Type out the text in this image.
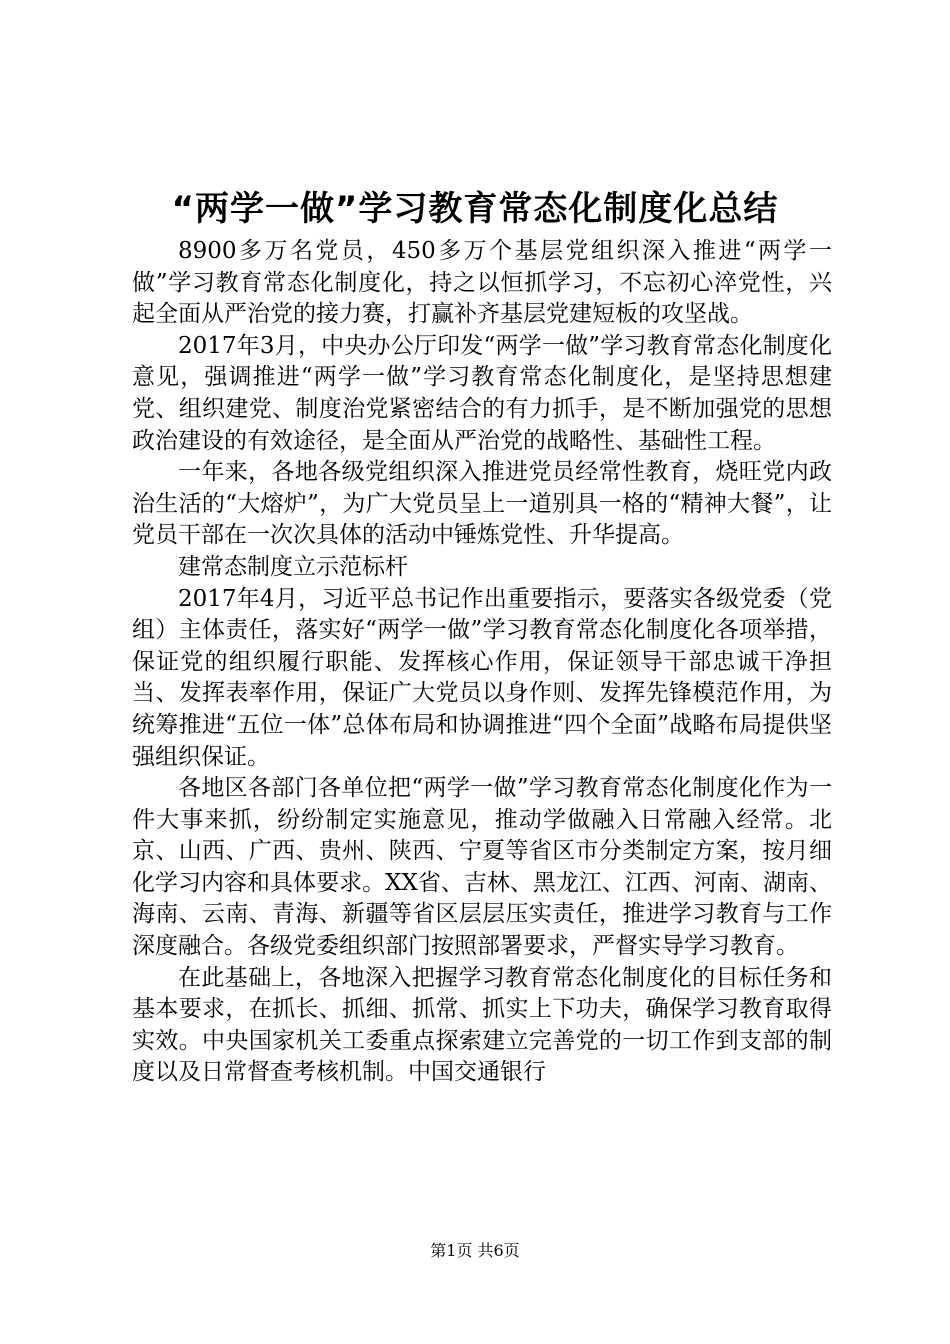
“两学一做”学习教育常态化制度化总结

8900多万名党员，450多万个基层党组织深入推进“两学一做”学习教育常态化制度化，持之以恒抓学习，不忘初心淬党性，兴起全面从严治党的接力赛，打赢补齐基层党建短板的攻坚战。

2017年3月，中央办公厅印发“两学一做”学习教育常态化制度化意见，强调推进“两学一做”学习教育常态化制度化，是坚持思想建党、组织建党、制度治党紧密结合的有力抓手，是不断加强党的思想政治建设的有效途径，是全面从严治党的战略性、基础性工程。

一年来，各地各级党组织深入推进党员经常性教育，烧旺党内政治生活的“大熔炉”，为广大党员呈上一道别具一格的“精神大餐”，让党员干部在一次次具体的活动中锤炼党性、升华提高。

建常态制度立示范标杆

2017年4月，习近平总书记作出重要指示，要落实各级党委（党组）主体责任，落实好“两学一做”学习教育常态化制度化各项举措，保证党的组织履行职能、发挥核心作用，保证领导干部忠诚干净担当、发挥表率作用，保证广大党员以身作则、发挥先锋模范作用，为统筹推进“五位一体”总体布局和协调推进“四个全面”战略布局提供坚强组织保证。

各地区各部门各单位把“两学一做”学习教育常态化制度化作为一件大事来抓，纷纷制定实施意见，推动学做融入日常融入经常。北京、山西、广西、贵州、陕西、宁夏等省区市分类制定方案，按月细化学习内容和具体要求。XX省、吉林、黑龙江、江西、河南、湖南、海南、云南、青海、新疆等省区层层压实责任，推进学习教育与工作深度融合。各级党委组织部门按照部署要求，严督实导学习教育。

在此基础上，各地深入把握学习教育常态化制度化的目标任务和基本要求，在抓长、抓细、抓常、抓实上下功夫，确保学习教育取得实效。中央国家机关工委重点探索建立完善党的一切工作到支部的制度以及日常督查考核机制。中国交通银行

第1页 共6页
